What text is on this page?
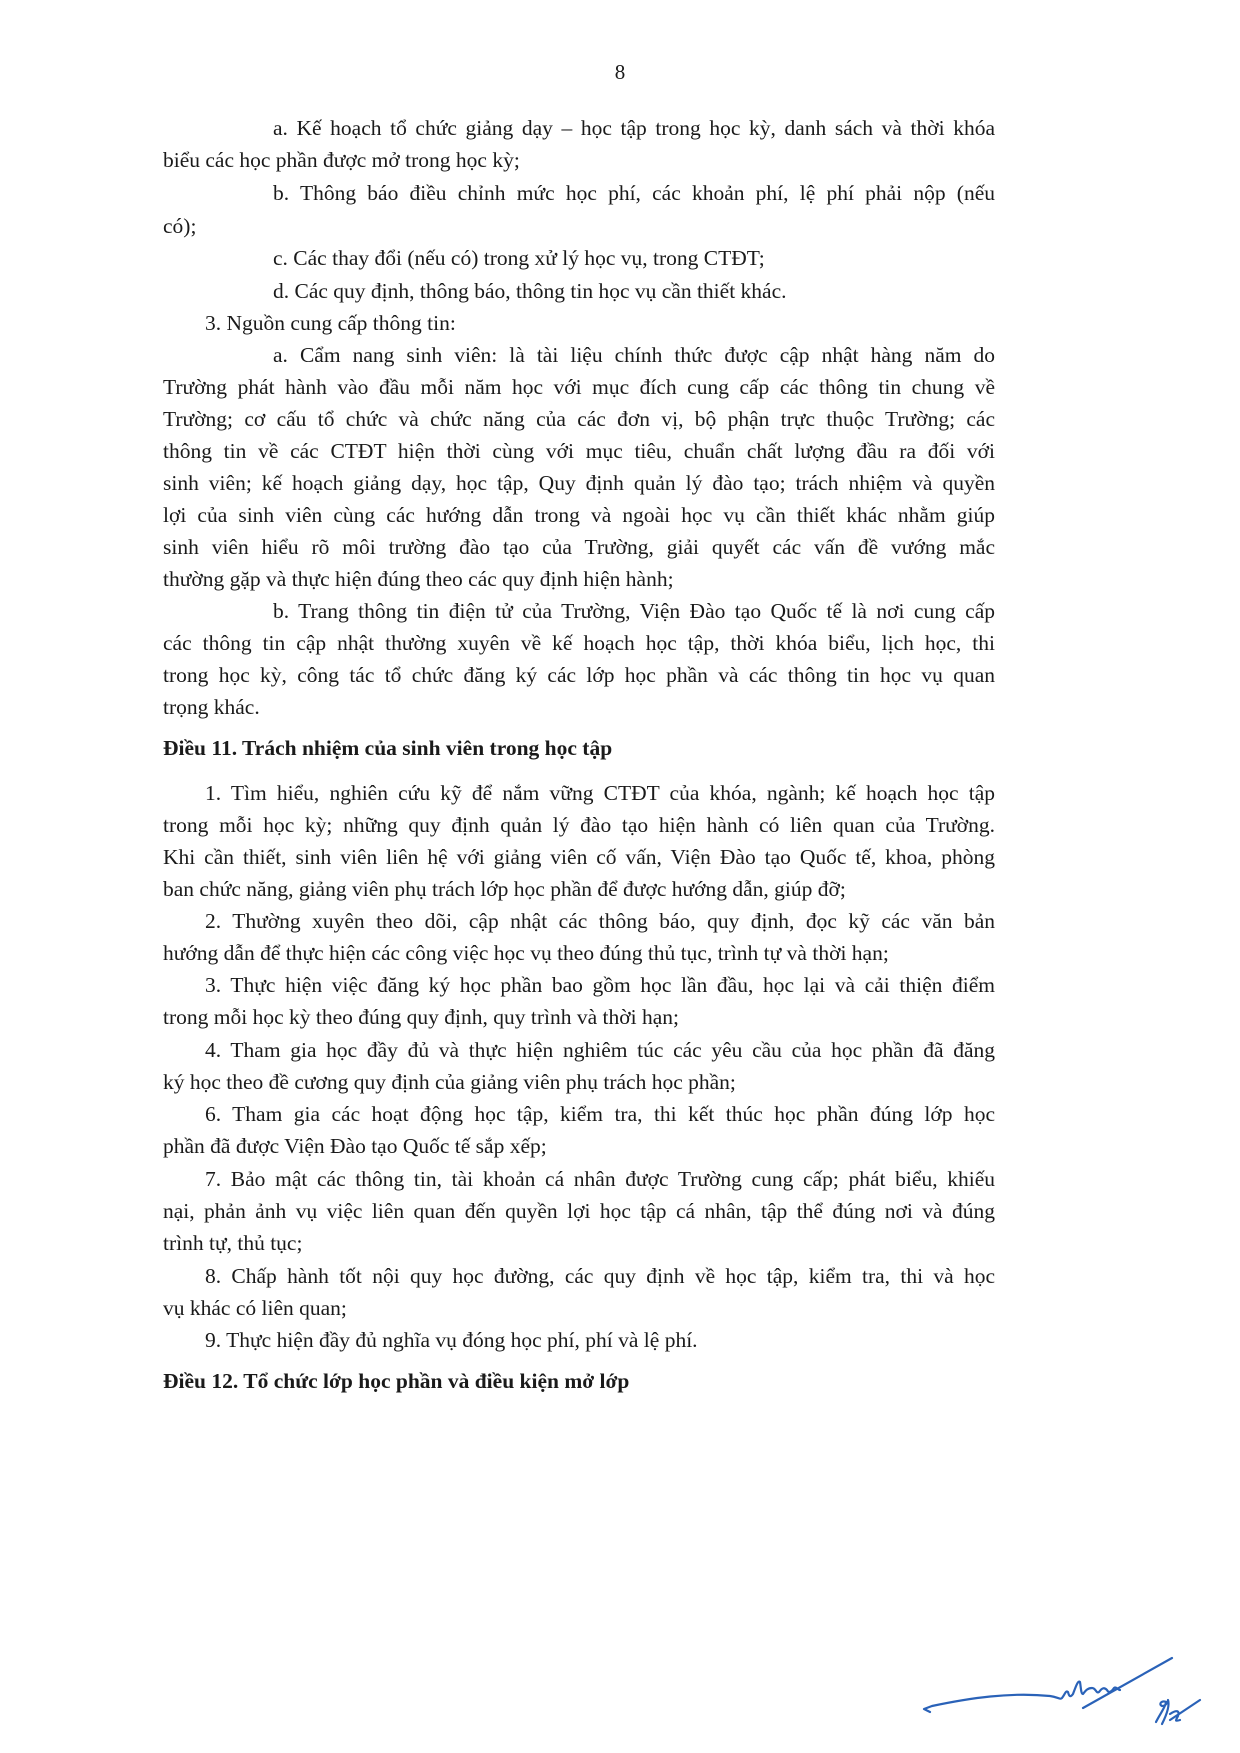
8
a. Kế hoạch tổ chức giảng dạy – học tập trong học kỳ, danh sách và thời khóa
biểu các học phần được mở trong học kỳ;
b. Thông báo điều chỉnh mức học phí, các khoản phí, lệ phí phải nộp (nếu
có);
c. Các thay đổi (nếu có) trong xử lý học vụ, trong CTĐT;
d. Các quy định, thông báo, thông tin học vụ cần thiết khác.
3. Nguồn cung cấp thông tin:
a. Cẩm nang sinh viên: là tài liệu chính thức được cập nhật hàng năm do
Trường phát hành vào đầu mỗi năm học với mục đích cung cấp các thông tin chung về
Trường; cơ cấu tổ chức và chức năng của các đơn vị, bộ phận trực thuộc Trường; các
thông tin về các CTĐT hiện thời cùng với mục tiêu, chuẩn chất lượng đầu ra đối với
sinh viên; kế hoạch giảng dạy, học tập, Quy định quản lý đào tạo; trách nhiệm và quyền
lợi của sinh viên cùng các hướng dẫn trong và ngoài học vụ cần thiết khác nhằm giúp
sinh viên hiểu rõ môi trường đào tạo của Trường, giải quyết các vấn đề vướng mắc
thường gặp và thực hiện đúng theo các quy định hiện hành;
b. Trang thông tin điện tử của Trường, Viện Đào tạo Quốc tế là nơi cung cấp
các thông tin cập nhật thường xuyên về kế hoạch học tập, thời khóa biểu, lịch học, thi
trong học kỳ, công tác tổ chức đăng ký các lớp học phần và các thông tin học vụ quan
trọng khác.
Điều 11. Trách nhiệm của sinh viên trong học tập
1. Tìm hiểu, nghiên cứu kỹ để nắm vững CTĐT của khóa, ngành; kế hoạch học tập
trong mỗi học kỳ; những quy định quản lý đào tạo hiện hành có liên quan của Trường.
Khi cần thiết, sinh viên liên hệ với giảng viên cố vấn, Viện Đào tạo Quốc tế, khoa, phòng
ban chức năng, giảng viên phụ trách lớp học phần để được hướng dẫn, giúp đỡ;
2. Thường xuyên theo dõi, cập nhật các thông báo, quy định, đọc kỹ các văn bản
hướng dẫn để thực hiện các công việc học vụ theo đúng thủ tục, trình tự và thời hạn;
3. Thực hiện việc đăng ký học phần bao gồm học lần đầu, học lại và cải thiện điểm
trong mỗi học kỳ theo đúng quy định, quy trình và thời hạn;
4. Tham gia học đầy đủ và thực hiện nghiêm túc các yêu cầu của học phần đã đăng
ký học theo đề cương quy định của giảng viên phụ trách học phần;
6. Tham gia các hoạt động học tập, kiểm tra, thi kết thúc học phần đúng lớp học
phần đã được Viện Đào tạo Quốc tế sắp xếp;
7. Bảo mật các thông tin, tài khoản cá nhân được Trường cung cấp; phát biểu, khiếu
nại, phản ảnh vụ việc liên quan đến quyền lợi học tập cá nhân, tập thể đúng nơi và đúng
trình tự, thủ tục;
8. Chấp hành tốt nội quy học đường, các quy định về học tập, kiểm tra, thi và học
vụ khác có liên quan;
9. Thực hiện đầy đủ nghĩa vụ đóng học phí, phí và lệ phí.
Điều 12. Tổ chức lớp học phần và điều kiện mở lớp
